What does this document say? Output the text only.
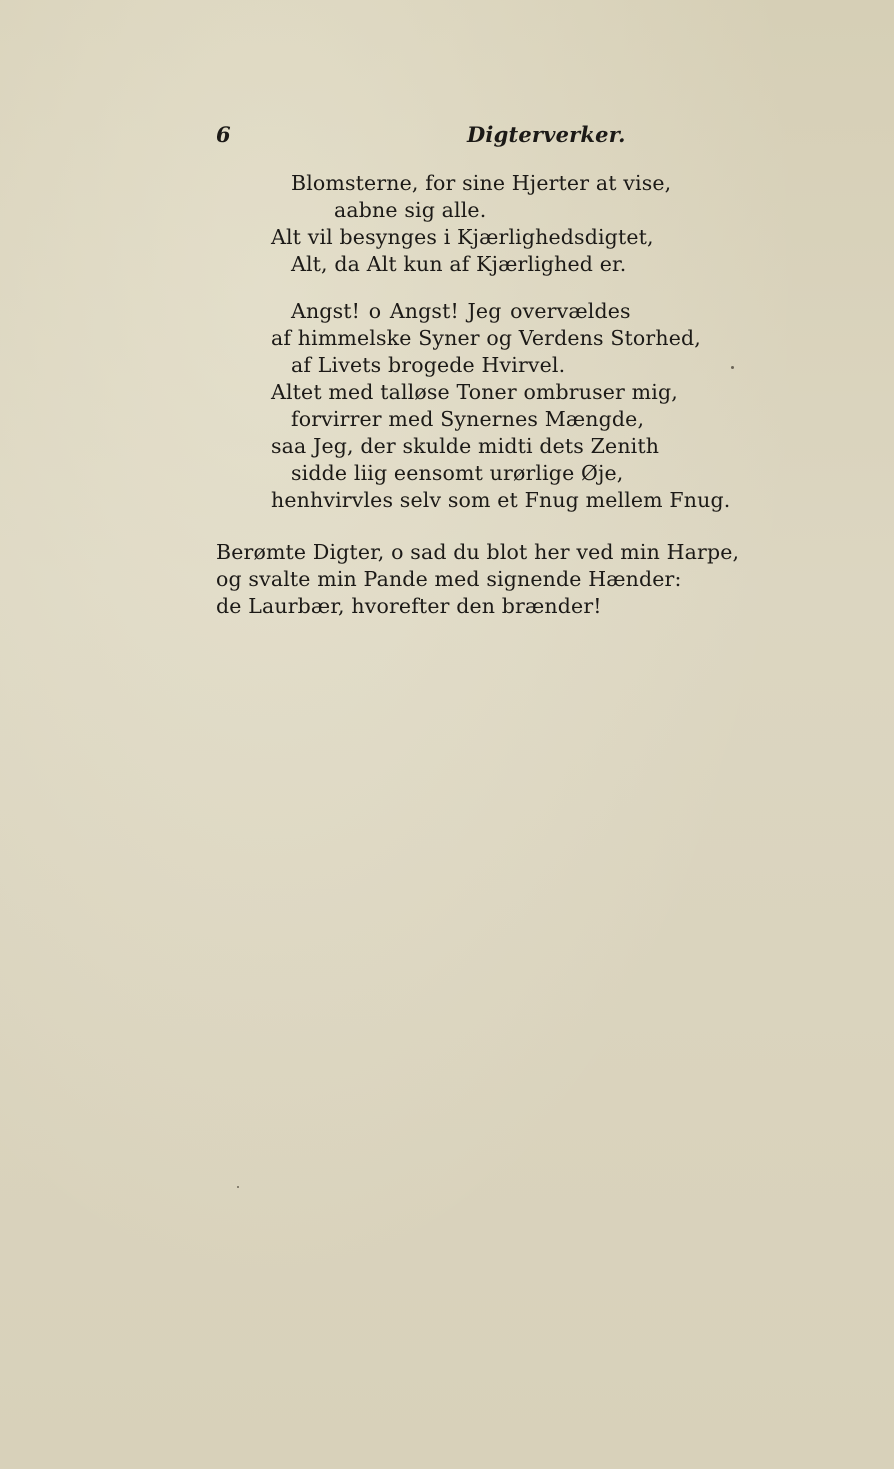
6	Digterverker.
Blomsterne, for sine Hjerter at vise,
aabne sig alle.
Alt vil besynges i Kjærlighedsdigtet,
Alt, da Alt kun af Kjærlighed er.
Angst! o Angst! Jeg overvældes
af himmelske Syner og Verdens Storhed,
af Livets brogede Hvirvel.
Altet med talløse Toner ombruser mig,
forvirrer med Synernes Mængde,
saa Jeg, der skulde midti dets Zenith
sidde liig eensomt urørlige Øje,
henhvirvles selv som et Fnug mellem Fnug.
Berømte Digter, o sad du blot her ved min Harpe,
og svalte min Pande med signende Hænder:
de Laurbær, hvorefter den brænder!
